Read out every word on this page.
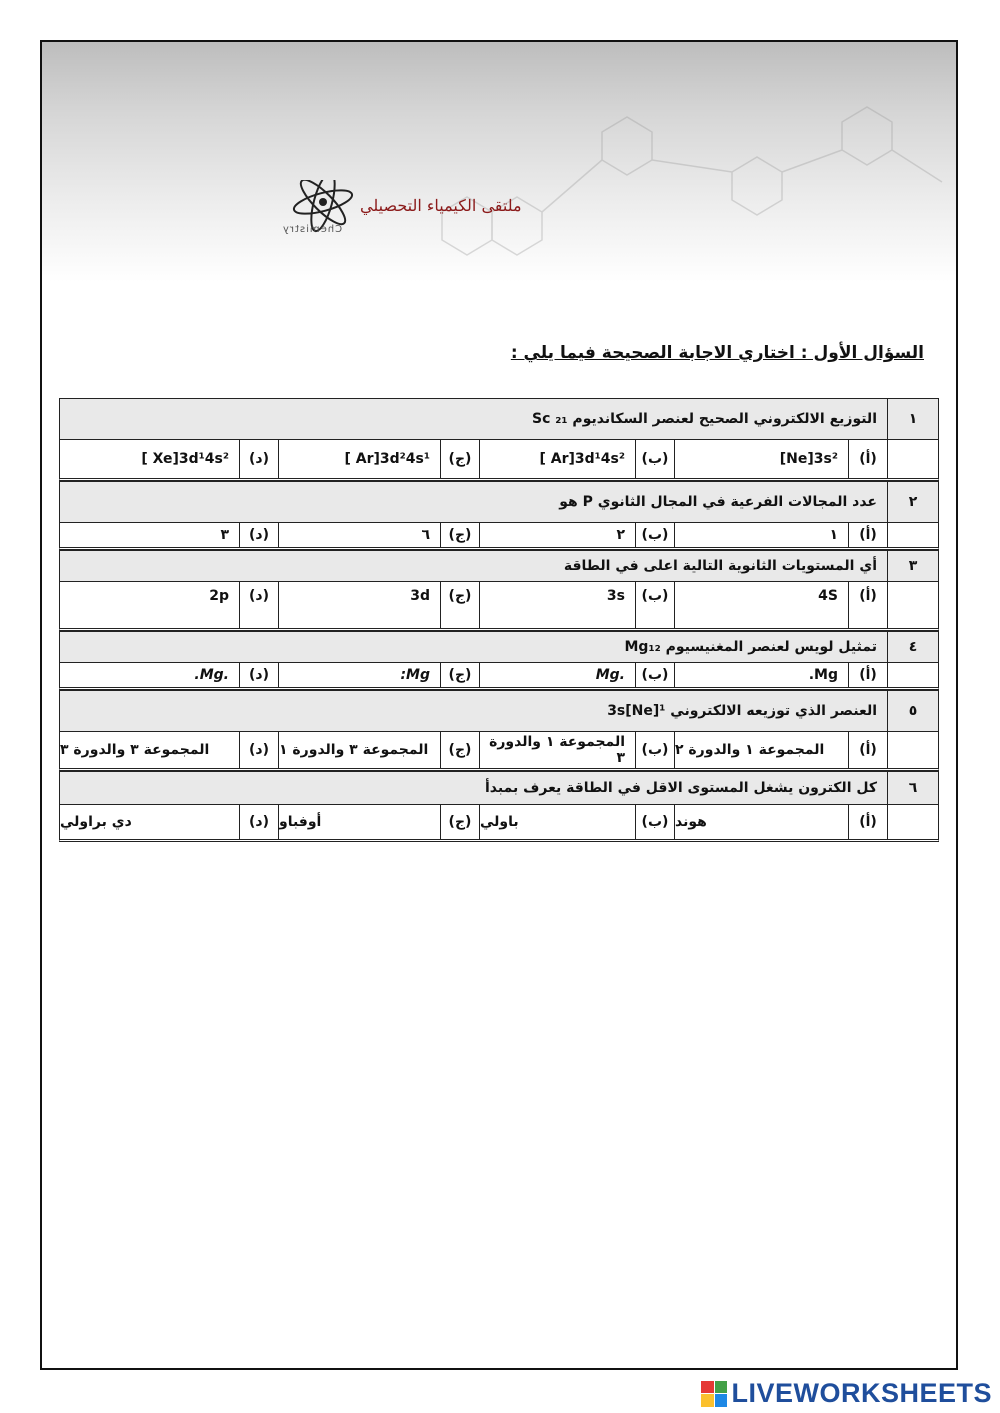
ملتقى الكيمياء التحصيلي
Chemistry
السؤال الأول : اختاري الاجابة الصحيحة فيما يلي :
١
التوزيع الالكتروني الصحيح لعنصر السكانديوم ₂₁ Sc
(أ)
[Ne]3s²
(ب)
[ Ar]3d¹4s²
(ج)
[ Ar]3d²4s¹
(د)
[ Xe]3d¹4s²
٢
عدد المجالات الفرعية في المجال الثانوي P هو
(أ)
١
(ب)
٢
(ج)
٦
(د)
٣
٣
أي المستويات الثانوية التالية اعلى في الطاقة
(أ)
4S
(ب)
3s
(ج)
3d
(د)
2p
٤
تمثيل لويس لعنصر المغنيسيوم Mg₁₂
(أ)
.Mg
(ب)
Mg.
(ج)
:Mg
(د)
.Mg.
٥
العنصر الذي توزيعه الالكتروني ¹[Ne]3s
(أ)
المجموعة ١ والدورة ٢
(ب)
المجموعة ١ والدورة ٣
(ج)
المجموعة ٣ والدورة ١
(د)
المجموعة ٣ والدورة ٣
٦
كل الكترون يشغل المستوى الاقل في الطاقة يعرف بمبدأ
(أ)
هوند
(ب)
باولي
(ج)
أوفباو
(د)
دي براولي
LIVEWORKSHEETS
